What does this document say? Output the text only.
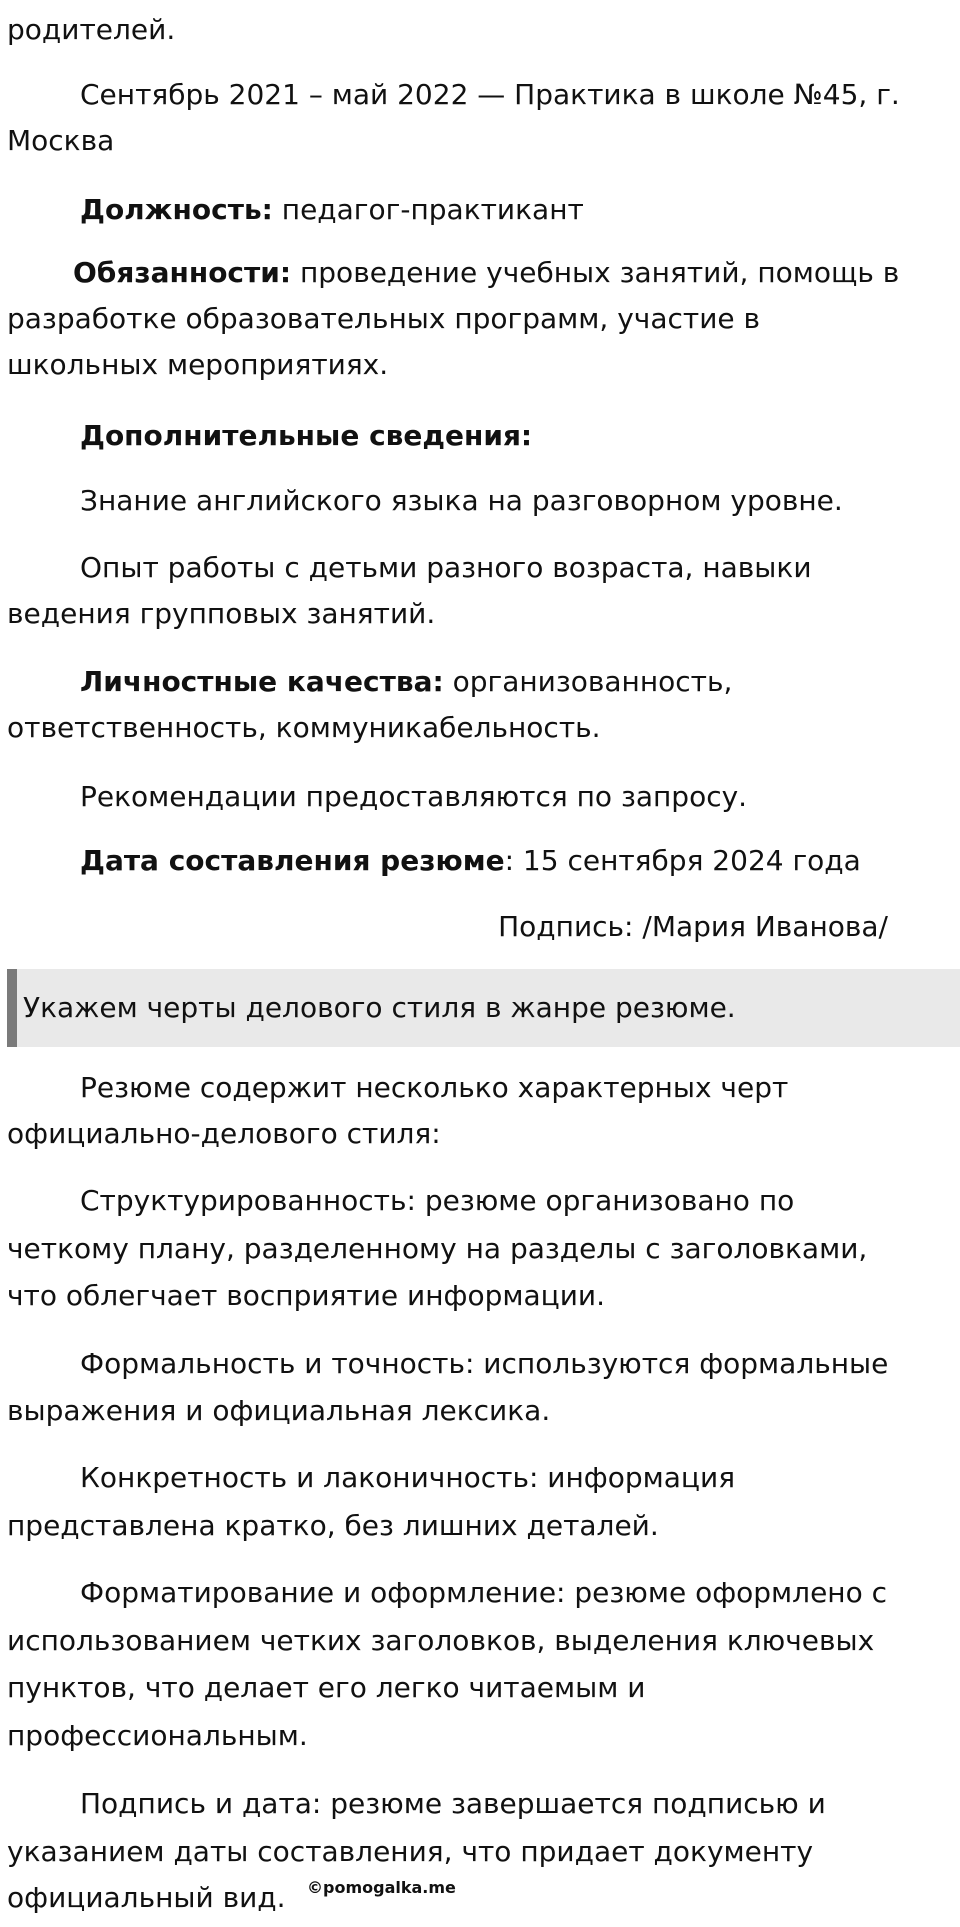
родителей.
Сентябрь 2021 – май 2022 — Практика в школе №45, г.
Москва
Должность: педагог-практикант
Обязанности: проведение учебных занятий, помощь в
разработке образовательных программ, участие в
школьных мероприятиях.
Дополнительные сведения:
Знание английского языка на разговорном уровне.
Опыт работы с детьми разного возраста, навыки
ведения групповых занятий.
Личностные качества: организованность,
ответственность, коммуникабельность.
Рекомендации предоставляются по запросу.
Дата составления резюме: 15 сентября 2024 года
Подпись: /Мария Иванова/
Укажем черты делового стиля в жанре резюме.
Резюме содержит несколько характерных черт
официально-делового стиля:
Структурированность: резюме организовано по
четкому плану, разделенному на разделы с заголовками,
что облегчает восприятие информации.
Формальность и точность: используются формальные
выражения и официальная лексика.
Конкретность и лаконичность: информация
представлена кратко, без лишних деталей.
Форматирование и оформление: резюме оформлено с
использованием четких заголовков, выделения ключевых
пунктов, что делает его легко читаемым и
профессиональным.
Подпись и дата: резюме завершается подписью и
указанием даты составления, что придает документу
официальный вид.	©pomogalka.me
